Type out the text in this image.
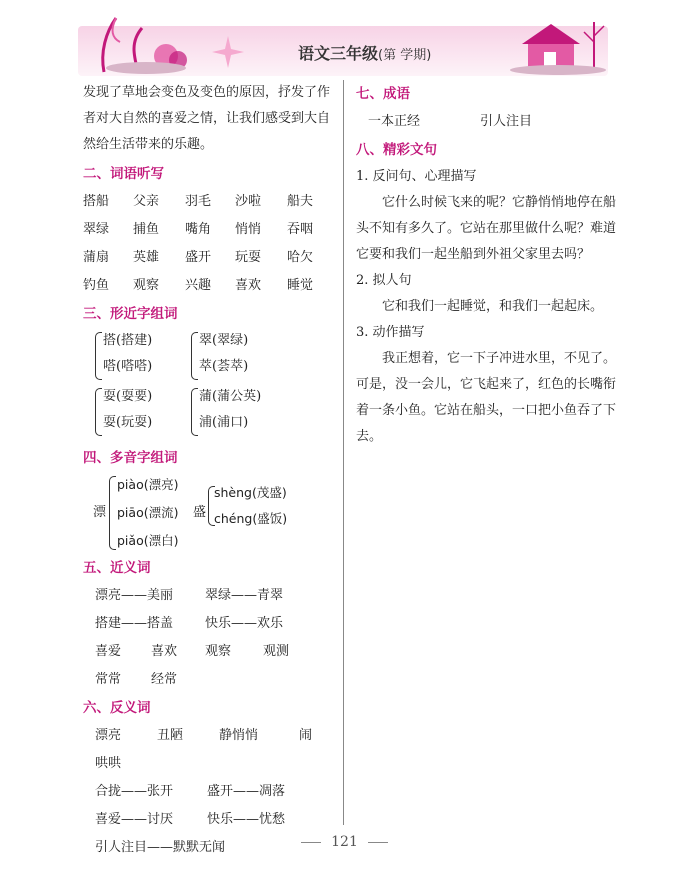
语文三年级(第 学期)
发现了草地会变色及变色的原因，抒发了作者对大自然的喜爱之情，让我们感受到大自然给生活带来的乐趣。
二、词语听写
搭船	父亲	羽毛	沙啦	船夫
翠绿	捕鱼	嘴角	悄悄	吞咽
蒲扇	英雄	盛开	玩耍	哈欠
钓鱼	观察	兴趣	喜欢	睡觉
三、形近字组词
搭(搭建)
嗒(嗒嗒)
翠(翠绿)
萃(荟萃)
耍(耍要)
耍(玩耍)
蒲(蒲公英)
浦(浦口)
四、多音字组词
漂
piào(漂亮)
piāo(漂流)
piǎo(漂白)
盛
shèng(茂盛)
chéng(盛饭)
五、近义词
漂亮——美丽	翠绿——青翠
搭建——搭盖	快乐——欢乐
喜爱	喜欢	观察	观测
常常	经常
六、反义词
漂亮	丑陋	静悄悄	闹
哄哄
合拢——张开	盛开——凋落
喜爱——讨厌	快乐——忧愁
引人注目——默默无闻
七、成语
一本正经	引人注目
八、精彩文句
1. 反问句、心理描写
它什么时候飞来的呢？它静悄悄地停在船头不知有多久了。它站在那里做什么呢？难道它要和我们一起坐船到外祖父家里去吗？
2. 拟人句
它和我们一起睡觉，和我们一起起床。
3. 动作描写
我正想着，它一下子冲进水里，不见了。可是，没一会儿，它飞起来了，红色的长嘴衔着一条小鱼。它站在船头，一口把小鱼吞了下去。
121
